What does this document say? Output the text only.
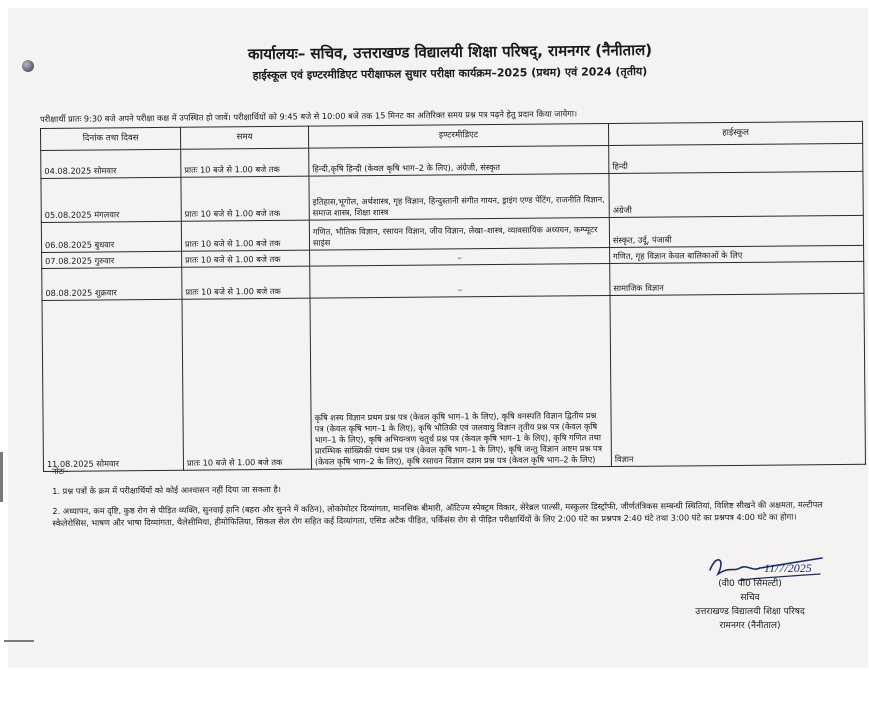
कार्यालयः– सचिव, उत्तराखण्ड विद्यालयी शिक्षा परिषद्, रामनगर (नैनीताल)
हाईस्कूल एवं इण्टरमीडिएट परीक्षाफल सुधार परीक्षा कार्यक्रम–2025 (प्रथम) एवं 2024 (तृतीय)
परीक्षार्थी प्रातः 9:30 बजे अपने परीक्षा कक्ष में उपस्थित हो जावें। परीक्षार्थियों को 9:45 बजे से 10:00 बजे तक 15 मिनट का अतिरिक्त समय प्रश्न पत्र पढ़ने हेतु प्रदान किया जायेगा।
दिनांक तथा दिवस	समय	इण्टरमीडिएट	हाईस्कूल
04.08.2025 सोमवार	प्रातः 10 बजे से 1.00 बजे तक	हिन्दी,कृषि हिन्दी (केवल कृषि भाग–2 के लिए), अंग्रेजी, संस्कृत	हिन्दी
05.08.2025 मंगलवार	प्रातः 10 बजे से 1.00 बजे तक	इतिहास,भूगोल, अर्थशास्त्र, गृह विज्ञान, हिन्दुस्तानी संगीत गायन, ड्राइंग एण्ड पेंटिंग, राजनीति विज्ञान, समाज शास्त्र, शिक्षा शास्त्र	अंग्रेजी
06.08.2025 बुधवार	प्रातः 10 बजे से 1.00 बजे तक	गणित, भौतिक विज्ञान, रसायन विज्ञान, जीव विज्ञान, लेखा–शास्त्र, व्यावसायिक अध्ययन, कम्प्यूटर साइंस	संस्कृत, उर्दू, पंजाबी
07.08.2025 गुरुवार	प्रातः 10 बजे से 1.00 बजे तक	–	गणित, गृह विज्ञान केवल बालिकाओं के लिए
08.08.2025 शुक्रवार	प्रातः 10 बजे से 1.00 बजे तक	–	सामाजिक विज्ञान
11.08.2025 सोमवार	प्रातः 10 बजे से 1.00 बजे तक	कृषि शस्य विज्ञान प्रथम प्रश्न पत्र (केवल कृषि भाग–1 के लिए), कृषि वनस्पति विज्ञान द्वितीय प्रश्न पत्र (केवल कृषि भाग–1 के लिए), कृषि भौतिकी एवं जलवायु विज्ञान तृतीय प्रश्न पत्र (केवल कृषि भाग–1 के लिए), कृषि अभियन्त्रण चतुर्थ प्रश्न पत्र (केवल कृषि भाग–1 के लिए), कृषि गणित तथा प्रारम्भिक सांख्यिकी पंचम प्रश्न पत्र (केवल कृषि भाग–1 के लिए), कृषि जन्तु विज्ञान अष्टम प्रश्न पत्र (केवल कृषि भाग–2 के लिए), कृषि रसायन विज्ञान दशम प्रश्न पत्र (केवल कृषि भाग–2 के लिए)	विज्ञान

नोटः–

1. प्रश्न पत्रों के क्रम में परीक्षार्थियों को कोई आश्वासन नहीं दिया जा सकता है।

2. अध्यापन, कम दृष्टि, कुष्ठ रोग से पीड़ित व्यक्ति, सुनवाई हानि (बहरा और सुनने में कठिन), लोकोमोटर दिव्यांगता, मानसिक बीमारी, ऑटिज्म स्पेक्ट्रम विकार, सेरेब्रल पाल्सी, मस्कुलर डिस्ट्रॉफी, जीर्णतंत्रिकस सम्बन्धी स्थितियां, विशिष्ट सीखने की अक्षमता, मल्टीपल स्केलेरोसिस, भाषण और भाषा दिव्यांगता, थैलेसीमिया, हीमोफिलिया, सिकल सेल रोग सहित कई दिव्यांगता, एसिड अटैक पीड़ित, पर्किंसंस रोग से पीड़ित परीक्षार्थियों के लिए 2:00 घंटे का प्रश्नपत्र 2:40 घंटे तथा 3:00 घंटे का प्रश्नपत्र 4:00 घंटे का होगा।

11/7/2025

(वी0 पी0 सिमल्टी)

सचिव

उत्तराखण्ड विद्यालयी शिक्षा परिषद

रामनगर (नैनीताल)
